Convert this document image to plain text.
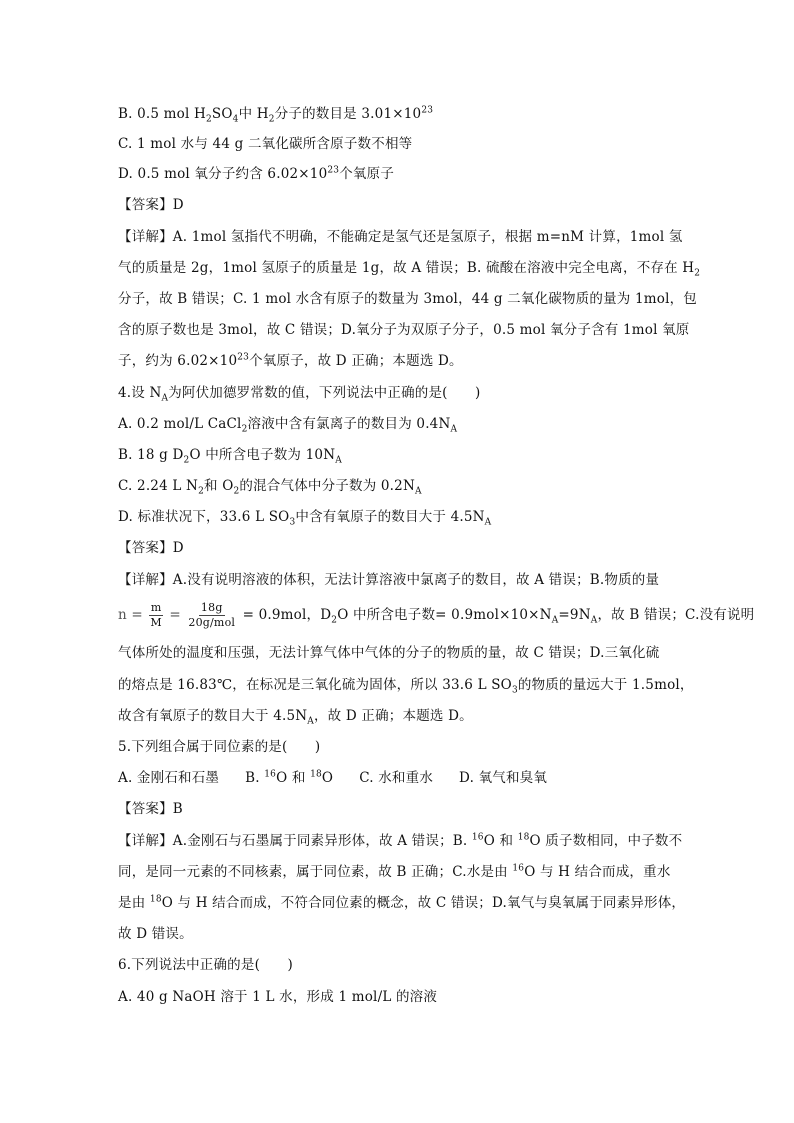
B. 0.5 mol $H_2SO_4$中 $H_2$分子的数目是 $3.01\times 10^{23}$
C. 1 mol 水与 44 g 二氧化碳所含原子数不相等
D. 0.5 mol 氧分子约含 $6.02\times 10^{23}$个氧原子
【答案】D
【详解】A. 1mol 氢指代不明确，不能确定是氢气还是氢原子，根据 m=nM 计算，1mol 氢
气的质量是 2g，1mol 氢原子的质量是 1g，故 A 错误；B. 硫酸在溶液中完全电离，不存在 $H_2$
分子，故 B 错误；C. 1 mol 水含有原子的数量为 3mol，44 g 二氧化碳物质的量为 1mol，包
含的原子数也是 3mol，故 C 错误；D.氧分子为双原子分子，0.5 mol 氧分子含有 1mol 氧原
子，约为 $6.02\times 10^{23}$个氧原子，故 D 正确；本题选 D。
4.设 $N_A$为阿伏加德罗常数的值，下列说法中正确的是(　　)
A. 0.2 mol/L CaCl$_2$溶液中含有氯离子的数目为 $0.4N_A$
B. 18 g $D_2O$ 中所含电子数为 $10N_A$
C. 2.24 L $N_2$和 $O_2$的混合气体中分子数为 $0.2N_A$
D. 标准状况下，33.6 L $SO_3$中含有氧原子的数目大于 $4.5N_A$
【答案】D
【详解】A.没有说明溶液的体积，无法计算溶液中氯离子的数目，故 A 错误；B.物质的量
$n = \frac{m}{M} = \frac{18g}{\text{20g/mol}} = 0.9mol$，$D_2O$ 中所含电子数= $0.9mol\times 10\times N_A=9N_A$，故 B 错误；C.没有说明
气体所处的温度和压强，无法计算气体中气体的分子的物质的量，故 C 错误；D.三氧化硫
的熔点是 16.83℃，在标况是三氧化硫为固体，所以 33.6 L $SO_3$的物质的量远大于 1.5mol，
故含有氧原子的数目大于 $4.5N_A$，故 D 正确；本题选 D。
5.下列组合属于同位素的是(　　)
A. 金刚石和石墨 B. $^{16}$O 和 $^{18}$O C. 水和重水 D. 氧气和臭氧
【答案】B
【详解】A.金刚石与石墨属于同素异形体，故 A 错误；B. $^{16}$O 和 $^{18}$O 质子数相同，中子数不
同，是同一元素的不同核素，属于同位素，故 B 正确；C.水是由 $^{16}$O 与 H 结合而成，重水
是由 $^{18}$O 与 H 结合而成，不符合同位素的概念，故 C 错误；D.氧气与臭氧属于同素异形体，
故 D 错误。
6.下列说法中正确的是(　　)
A. 40 g NaOH 溶于 1 L 水，形成 1 mol/L 的溶液
